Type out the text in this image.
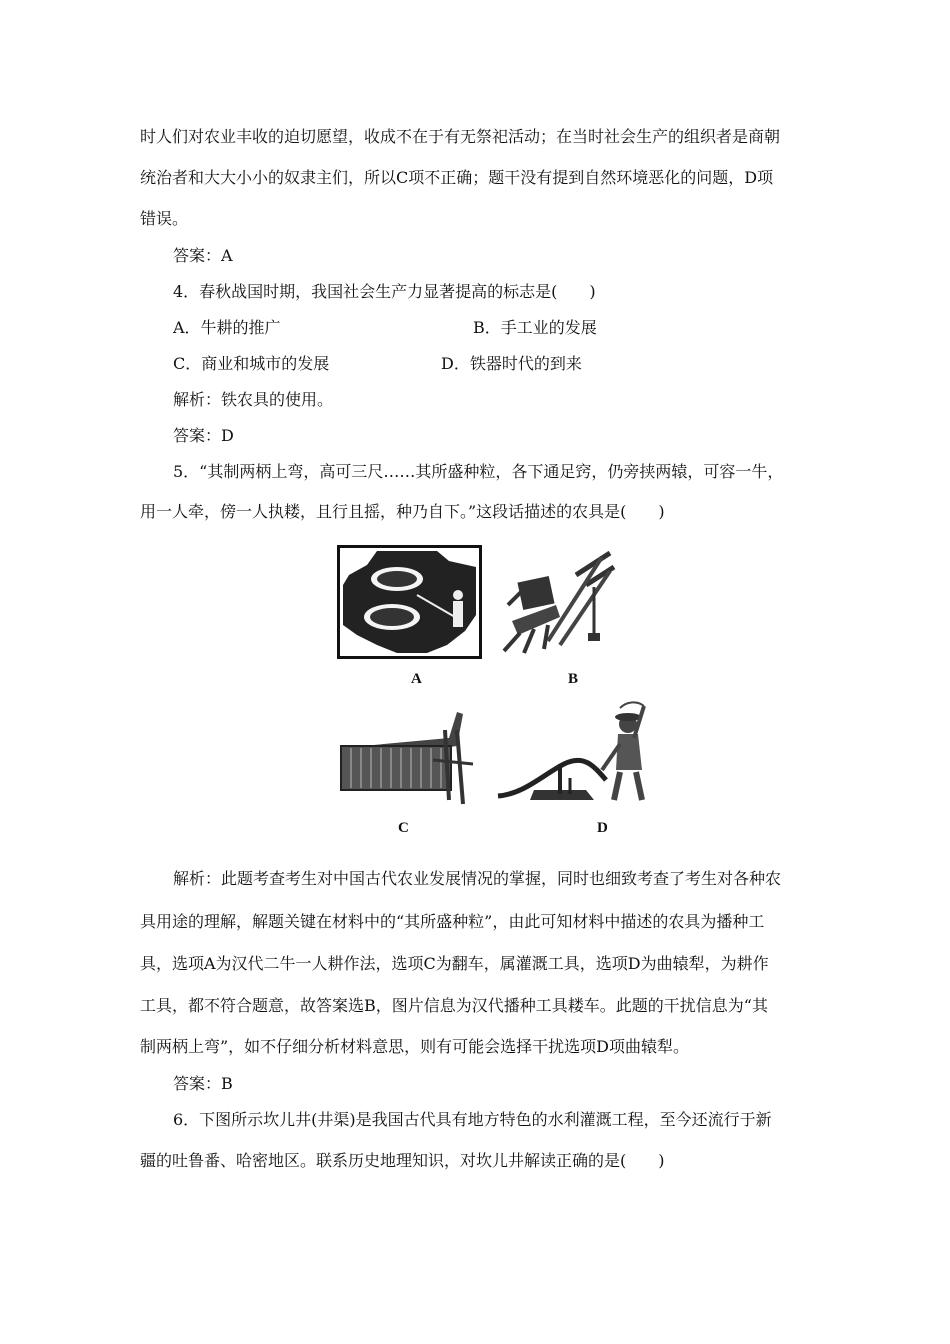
时人们对农业丰收的迫切愿望，收成不在于有无祭祀活动；在当时社会生产的组织者是商朝
统治者和大大小小的奴隶主们，所以C项不正确；题干没有提到自然环境恶化的问题，D项
错误。
答案：A
4．春秋战国时期，我国社会生产力显著提高的标志是(　　)
A．牛耕的推广	B．手工业的发展
C．商业和城市的发展	D．铁器时代的到来
解析：铁农具的使用。
答案：D
5．“其制两柄上弯，高可三尺……其所盛种粒，各下通足窍，仍旁挟两辕，可容一牛，
用一人牵，傍一人执耧，且行且摇，种乃自下。”这段话描述的农具是(　　)
A	B
C	D
解析：此题考查考生对中国古代农业发展情况的掌握，同时也细致考查了考生对各种农
具用途的理解，解题关键在材料中的“其所盛种粒”，由此可知材料中描述的农具为播种工
具，选项A为汉代二牛一人耕作法，选项C为翻车，属灌溉工具，选项D为曲辕犁，为耕作
工具，都不符合题意，故答案选B，图片信息为汉代播种工具耧车。此题的干扰信息为“其
制两柄上弯”，如不仔细分析材料意思，则有可能会选择干扰选项D项曲辕犁。
答案：B
6．下图所示坎儿井(井渠)是我国古代具有地方特色的水利灌溉工程，至今还流行于新
疆的吐鲁番、哈密地区。联系历史地理知识，对坎儿井解读正确的是(　　)
